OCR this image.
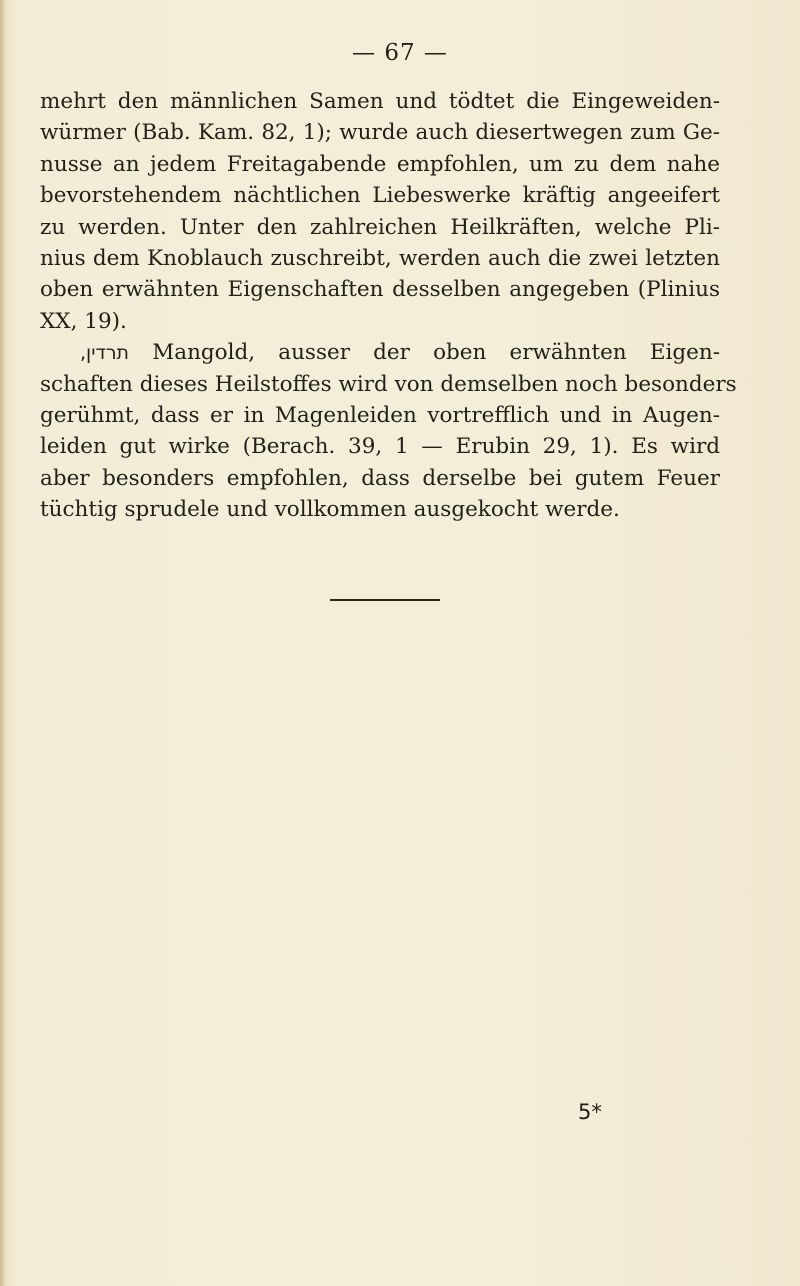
— 67 —
mehrt den männlichen Samen und tödtet die Eingeweiden-
würmer (Bab. Kam. 82, 1); wurde auch diesertwegen zum Ge-
nusse an jedem Freitagabende empfohlen, um zu dem nahe
bevorstehendem nächtlichen Liebeswerke kräftig angeeifert
zu werden. Unter den zahlreichen Heilkräften, welche Pli-
nius dem Knoblauch zuschreibt, werden auch die zwei letzten
oben erwähnten Eigenschaften desselben angegeben (Plinius
XX, 19).
תרדין, Mangold, ausser der oben erwähnten Eigen-
schaften dieses Heilstoffes wird von demselben noch besonders
gerühmt, dass er in Magenleiden vortrefflich und in Augen-
leiden gut wirke (Berach. 39, 1 — Erubin 29, 1). Es wird
aber besonders empfohlen, dass derselbe bei gutem Feuer
tüchtig sprudele und vollkommen ausgekocht werde.
5*
